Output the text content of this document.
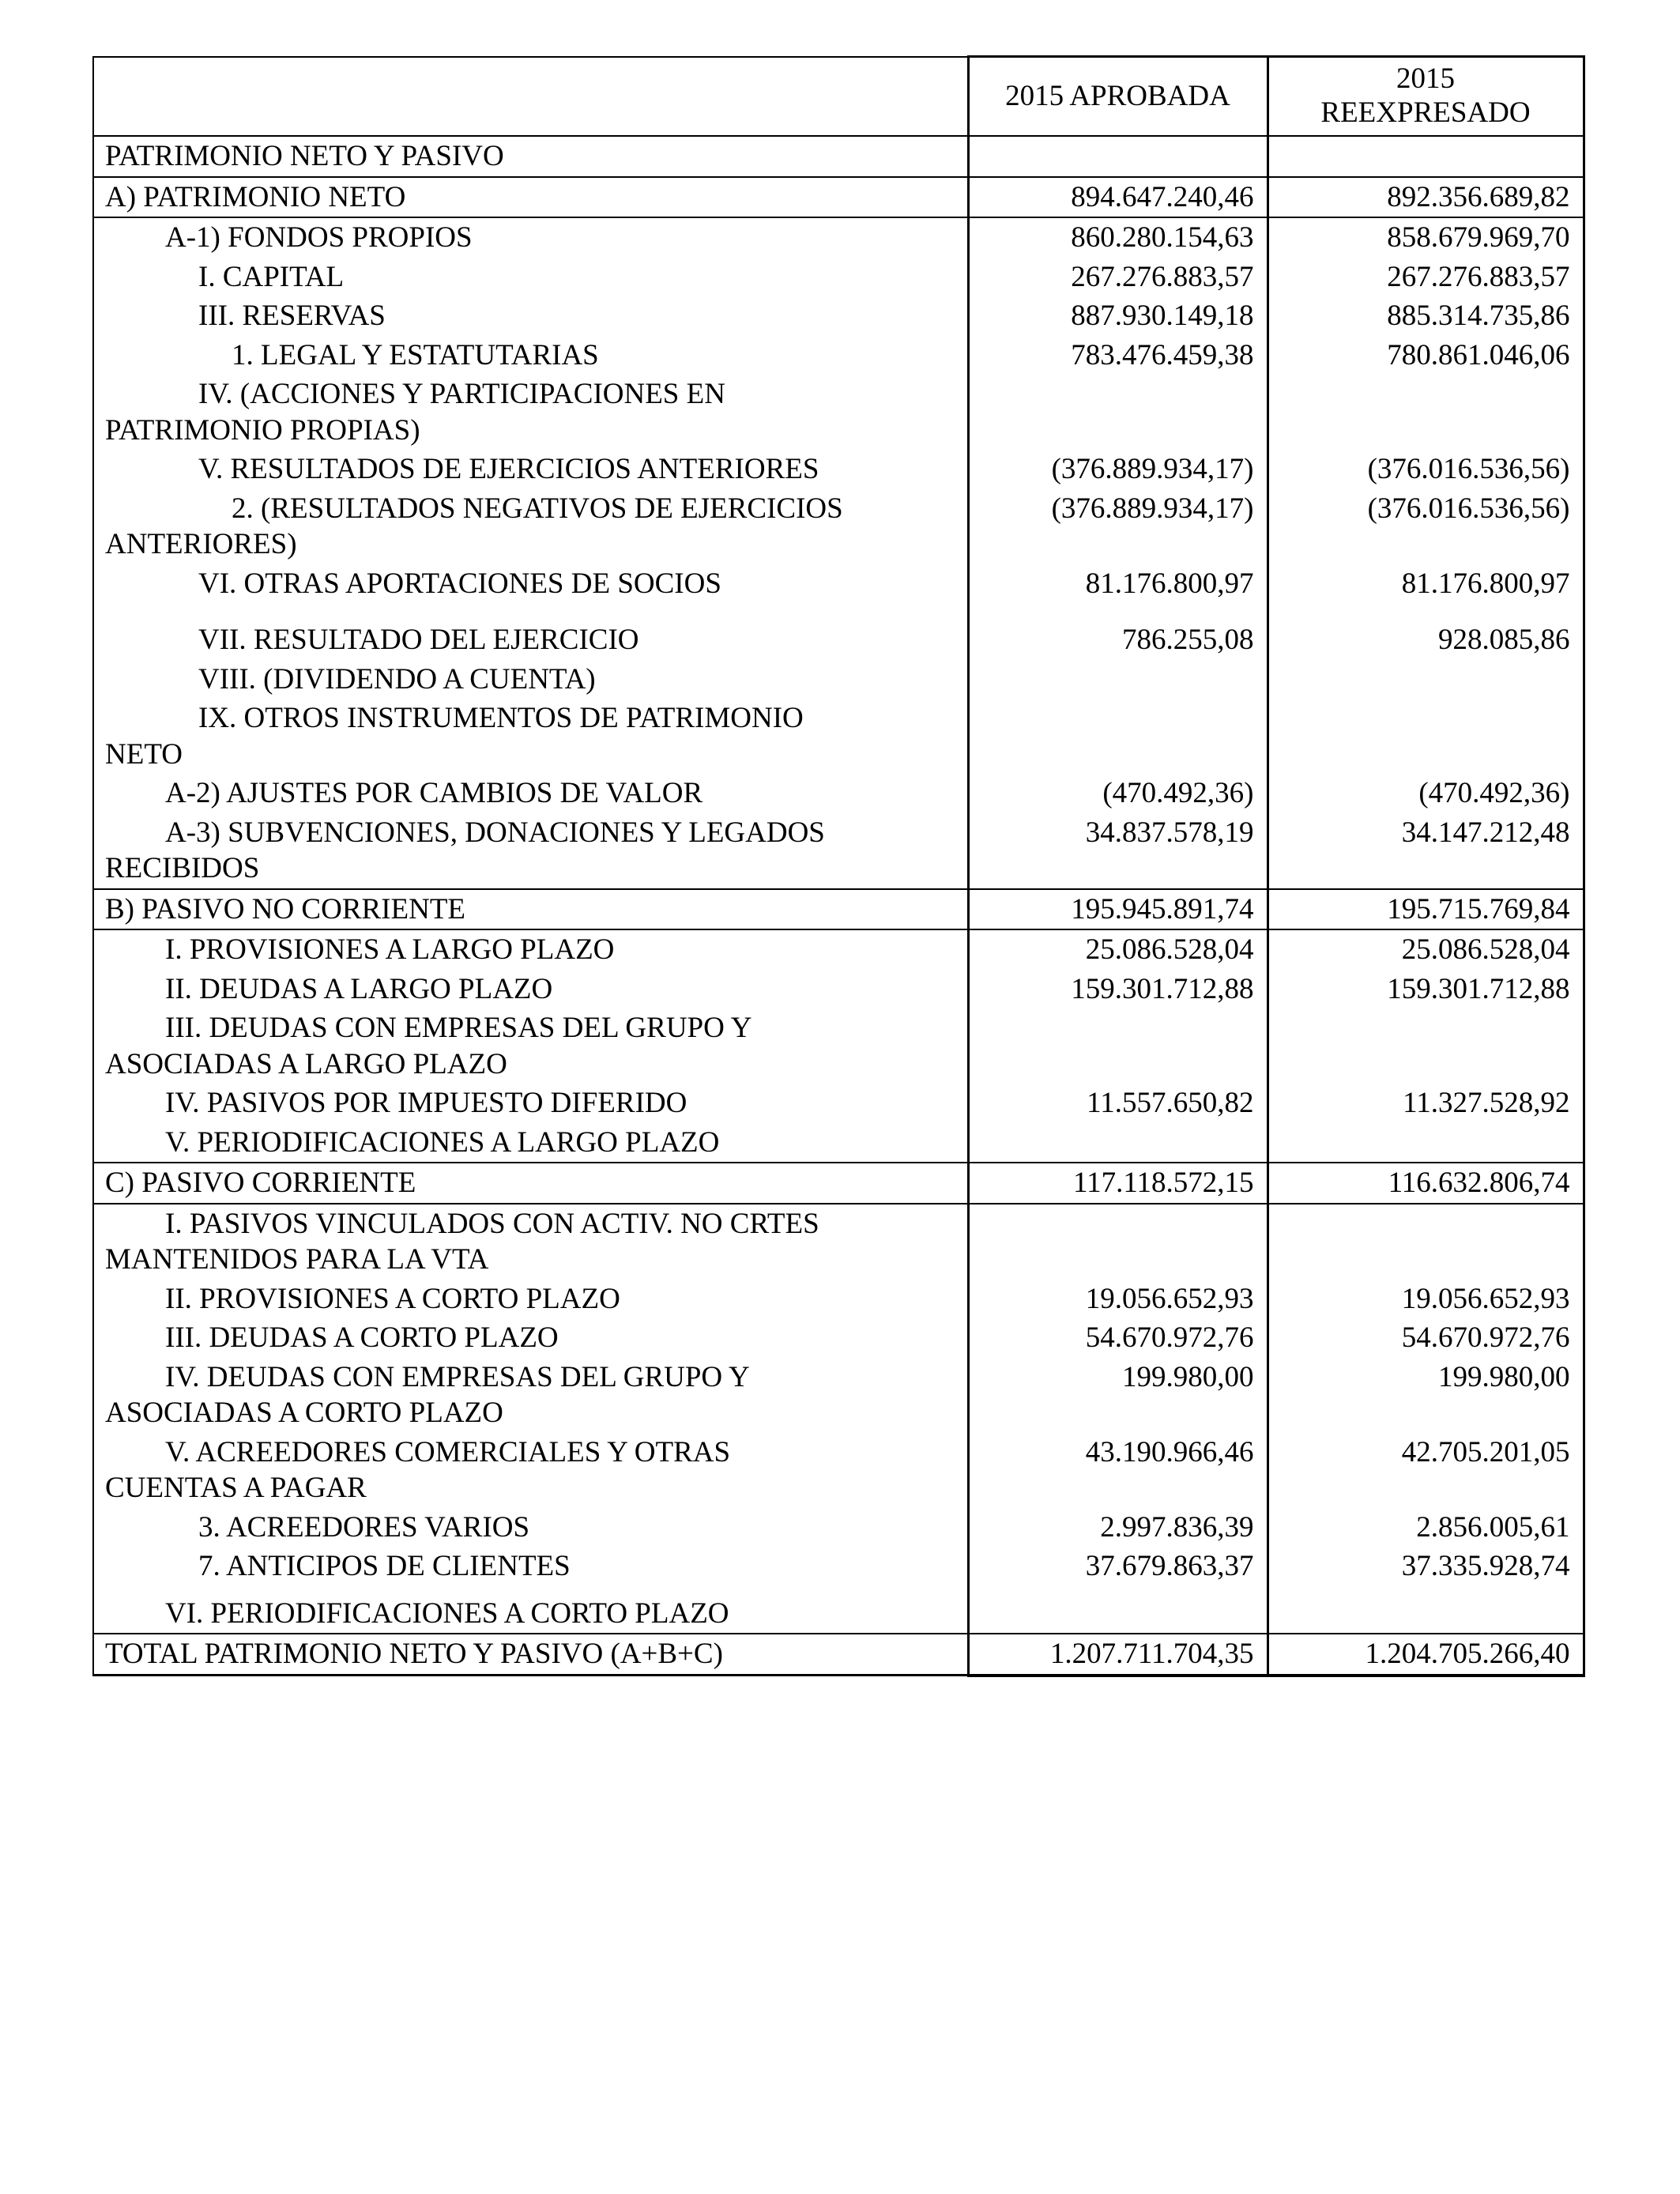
	2015 APROBADA	2015
REEXPRESADO

PATRIMONIO NETO Y PASIVO		
A) PATRIMONIO NETO	894.647.240,46	892.356.689,82

A-1) FONDOS PROPIOS	860.280.154,63	858.679.969,70

I. CAPITAL	267.276.883,57	267.276.883,57

III. RESERVAS	887.930.149,18	885.314.735,86

1. LEGAL Y ESTATUTARIAS	783.476.459,38	780.861.046,06

IV. (ACCIONES Y PARTICIPACIONES EN
PATRIMONIO PROPIAS)		

V. RESULTADOS DE EJERCICIOS ANTERIORES	(376.889.934,17)	(376.016.536,56)

2. (RESULTADOS NEGATIVOS DE EJERCICIOS
ANTERIORES)	(376.889.934,17)	(376.016.536,56)

VI. OTRAS APORTACIONES DE SOCIOS	81.176.800,97	81.176.800,97

VII. RESULTADO DEL EJERCICIO	786.255,08	928.085,86

VIII. (DIVIDENDO A CUENTA)		

IX. OTROS INSTRUMENTOS DE PATRIMONIO
NETO		

A-2) AJUSTES POR CAMBIOS DE VALOR	(470.492,36)	(470.492,36)

A-3) SUBVENCIONES, DONACIONES Y LEGADOS
RECIBIDOS	34.837.578,19	34.147.212,48
B) PASIVO NO CORRIENTE	195.945.891,74	195.715.769,84

I. PROVISIONES A LARGO PLAZO	25.086.528,04	25.086.528,04

II. DEUDAS A LARGO PLAZO	159.301.712,88	159.301.712,88

III. DEUDAS CON EMPRESAS DEL GRUPO Y
ASOCIADAS A LARGO PLAZO		

IV. PASIVOS POR IMPUESTO DIFERIDO	11.557.650,82	11.327.528,92

V. PERIODIFICACIONES A LARGO PLAZO		

C) PASIVO CORRIENTE	117.118.572,15	116.632.806,74

I. PASIVOS VINCULADOS CON ACTIV. NO CRTES
MANTENIDOS PARA LA VTA		

II. PROVISIONES A CORTO PLAZO	19.056.652,93	19.056.652,93

III. DEUDAS A CORTO PLAZO	54.670.972,76	54.670.972,76

IV. DEUDAS CON EMPRESAS DEL GRUPO Y
ASOCIADAS A CORTO PLAZO	199.980,00	199.980,00

V. ACREEDORES COMERCIALES Y OTRAS
CUENTAS A PAGAR	43.190.966,46	42.705.201,05

3. ACREEDORES VARIOS	2.997.836,39	2.856.005,61

7. ANTICIPOS DE CLIENTES	37.679.863,37	37.335.928,74

VI. PERIODIFICACIONES A CORTO PLAZO		

TOTAL PATRIMONIO NETO Y PASIVO (A+B+C)	1.207.711.704,35	1.204.705.266,40
